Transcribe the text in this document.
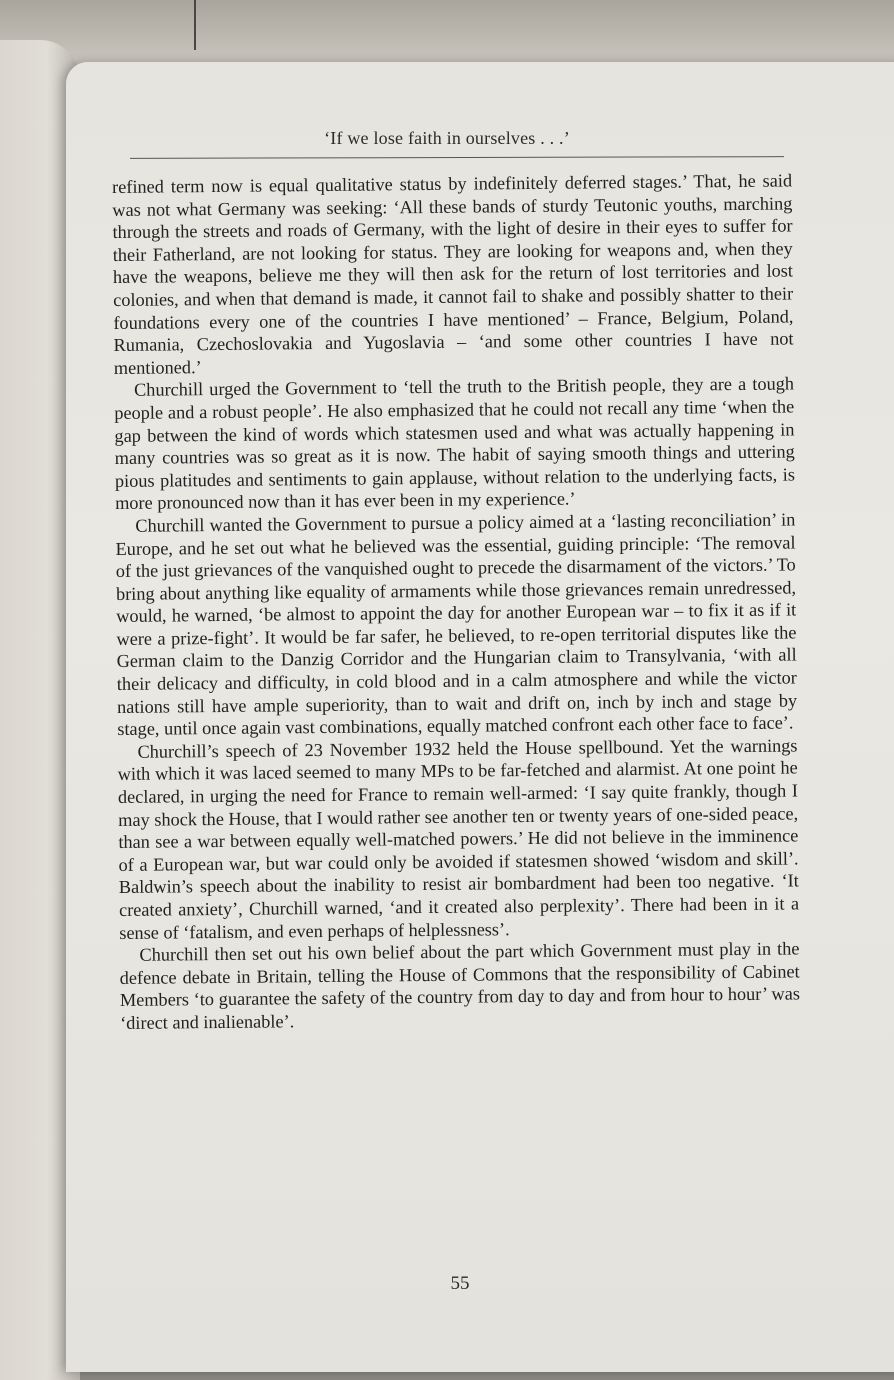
‘If we lose faith in ourselves . . .’

refined term now is equal qualitative status by indefinitely deferred stages.’ That, he said was not what Germany was seeking: ‘All these bands of sturdy Teutonic youths, marching through the streets and roads of Germany, with the light of desire in their eyes to suffer for their Fatherland, are not looking for status. They are looking for weapons and, when they have the weapons, believe me they will then ask for the return of lost territories and lost colonies, and when that demand is made, it cannot fail to shake and possibly shatter to their foundations every one of the countries I have mentioned’ – France, Belgium, Poland, Rumania, Czechoslovakia and Yugoslavia – ‘and some other countries I have not mentioned.’

Churchill urged the Government to ‘tell the truth to the British people, they are a tough people and a robust people’. He also emphasized that he could not recall any time ‘when the gap between the kind of words which statesmen used and what was actually happening in many countries was so great as it is now. The habit of saying smooth things and uttering pious platitudes and sentiments to gain applause, without relation to the underlying facts, is more pronounced now than it has ever been in my experience.’

Churchill wanted the Government to pursue a policy aimed at a ‘lasting reconciliation’ in Europe, and he set out what he believed was the essential, guiding principle: ‘The removal of the just grievances of the vanquished ought to precede the disarmament of the victors.’ To bring about anything like equality of armaments while those grievances remain unredressed, would, he warned, ‘be almost to appoint the day for another European war – to fix it as if it were a prize-fight’. It would be far safer, he believed, to re-open territorial disputes like the German claim to the Danzig Corridor and the Hungarian claim to Transylvania, ‘with all their delicacy and difficulty, in cold blood and in a calm atmosphere and while the victor nations still have ample superiority, than to wait and drift on, inch by inch and stage by stage, until once again vast combinations, equally matched confront each other face to face’.

Churchill’s speech of 23 November 1932 held the House spellbound. Yet the warnings with which it was laced seemed to many MPs to be far-fetched and alarmist. At one point he declared, in urging the need for France to remain well-armed: ‘I say quite frankly, though I may shock the House, that I would rather see another ten or twenty years of one-sided peace, than see a war between equally well-matched powers.’ He did not believe in the imminence of a European war, but war could only be avoided if statesmen showed ‘wisdom and skill’. Baldwin’s speech about the inability to resist air bombardment had been too negative. ‘It created anxiety’, Churchill warned, ‘and it created also perplexity’. There had been in it a sense of ‘fatalism, and even perhaps of helplessness’.

Churchill then set out his own belief about the part which Government must play in the defence debate in Britain, telling the House of Commons that the responsibility of Cabinet Members ‘to guarantee the safety of the country from day to day and from hour to hour’ was ‘direct and inalienable’.

55
